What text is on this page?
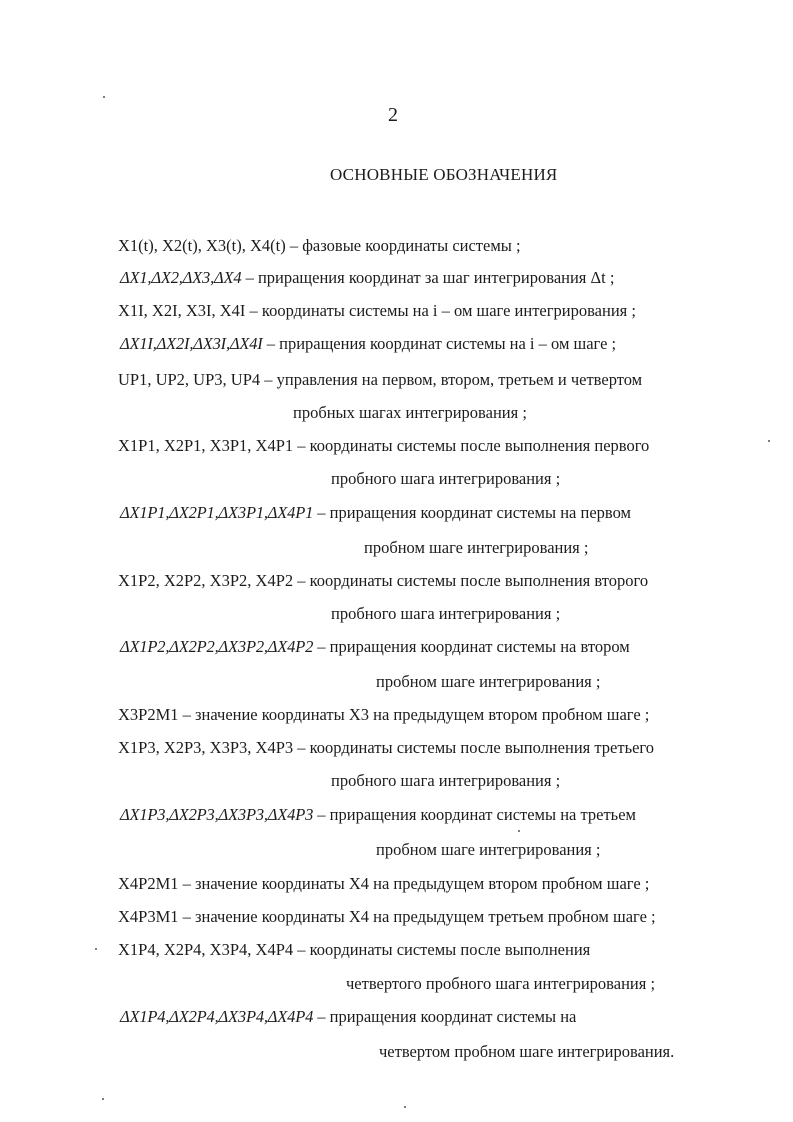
2
ОСНОВНЫЕ ОБОЗНАЧЕНИЯ
X1(t), X2(t), X3(t), X4(t) – фазовые координаты системы ;
ΔX1,ΔX2,ΔX3,ΔX4 – приращения координат за шаг интегрирования Δt ;
X1I, X2I, X3I, X4I – координаты системы на i – ом шаге интегрирования ;
ΔX1I,ΔX2I,ΔX3I,ΔX4I – приращения координат системы на i – ом шаге ;
UP1, UP2, UP3, UP4 – управления на первом, втором, третьем и четвертом
пробных шагах интегрирования ;
X1P1, X2P1, X3P1, X4P1 – координаты системы после выполнения первого
пробного шага интегрирования ;
ΔX1P1,ΔX2P1,ΔX3P1,ΔX4P1 – приращения координат системы на первом
пробном шаге интегрирования ;
X1P2, X2P2, X3P2, X4P2 – координаты системы после выполнения второго
пробного шага интегрирования ;
ΔX1P2,ΔX2P2,ΔX3P2,ΔX4P2 – приращения координат системы на втором
пробном шаге интегрирования ;
X3P2M1 – значение координаты X3 на предыдущем втором пробном шаге ;
X1P3, X2P3, X3P3, X4P3 – координаты системы после выполнения третьего
пробного шага интегрирования ;
ΔX1P3,ΔX2P3,ΔX3P3,ΔX4P3 – приращения координат системы на третьем
пробном шаге интегрирования ;
X4P2M1 – значение координаты X4 на предыдущем втором пробном шаге ;
X4P3M1 – значение координаты X4 на предыдущем третьем пробном шаге ;
X1P4, X2P4, X3P4, X4P4 – координаты системы после выполнения
четвертого пробного шага интегрирования ;
ΔX1P4,ΔX2P4,ΔX3P4,ΔX4P4 – приращения координат системы на
четвертом пробном шаге интегрирования.
